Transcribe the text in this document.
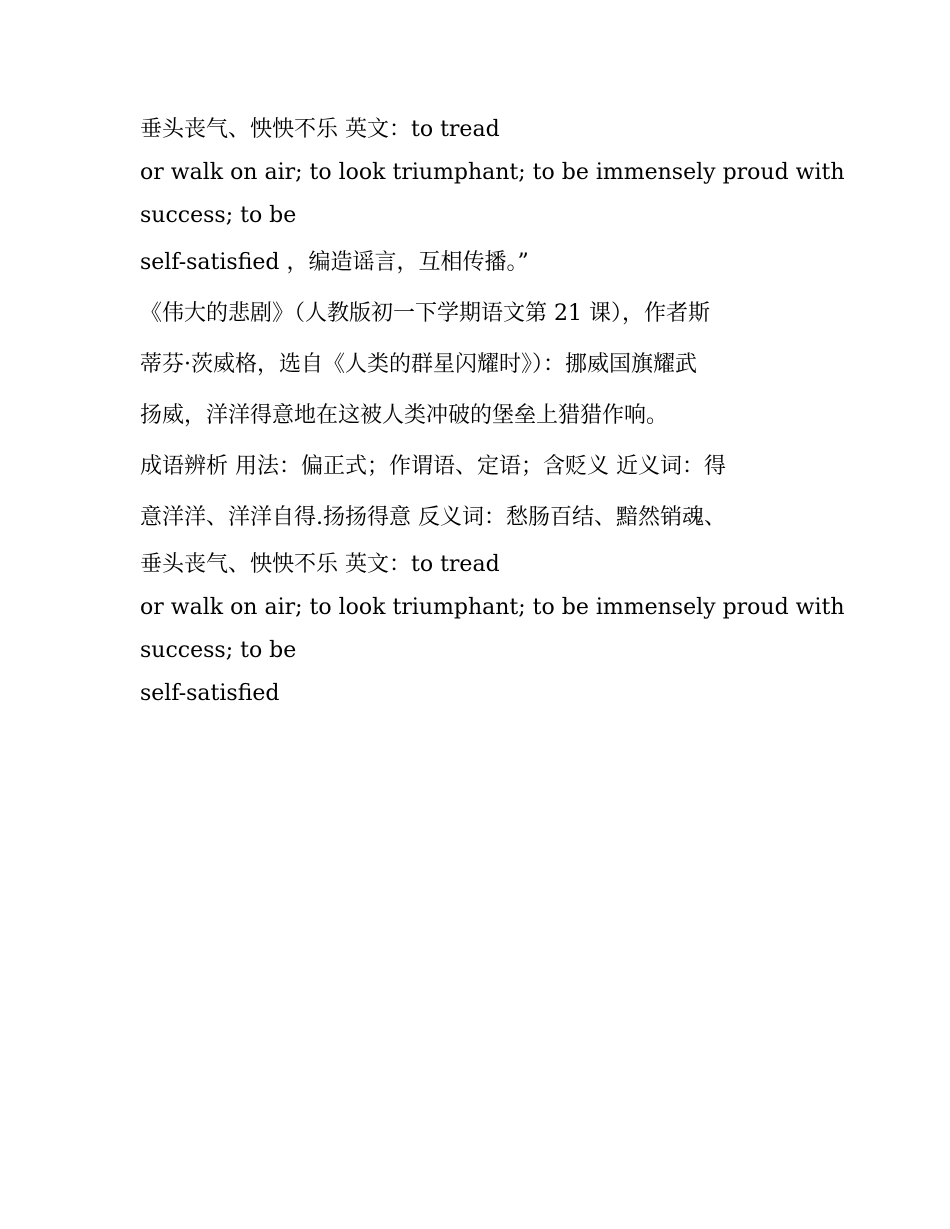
垂头丧气、怏怏不乐 英文：to tread
or walk on air; to look triumphant; to be immensely proud with
success; to be
self-satisfied ，编造谣言，互相传播。”
《伟大的悲剧》（人教版初一下学期语文第 21 课），作者斯
蒂芬·茨威格，选自《人类的群星闪耀时》）：挪威国旗耀武
扬威，洋洋得意地在这被人类冲破的堡垒上猎猎作响。
成语辨析 用法：偏正式；作谓语、定语；含贬义 近义词：得
意洋洋、洋洋自得.扬扬得意 反义词：愁肠百结、黯然销魂、
垂头丧气、怏怏不乐 英文：to tread
or walk on air; to look triumphant; to be immensely proud with
success; to be
self-satisfied
